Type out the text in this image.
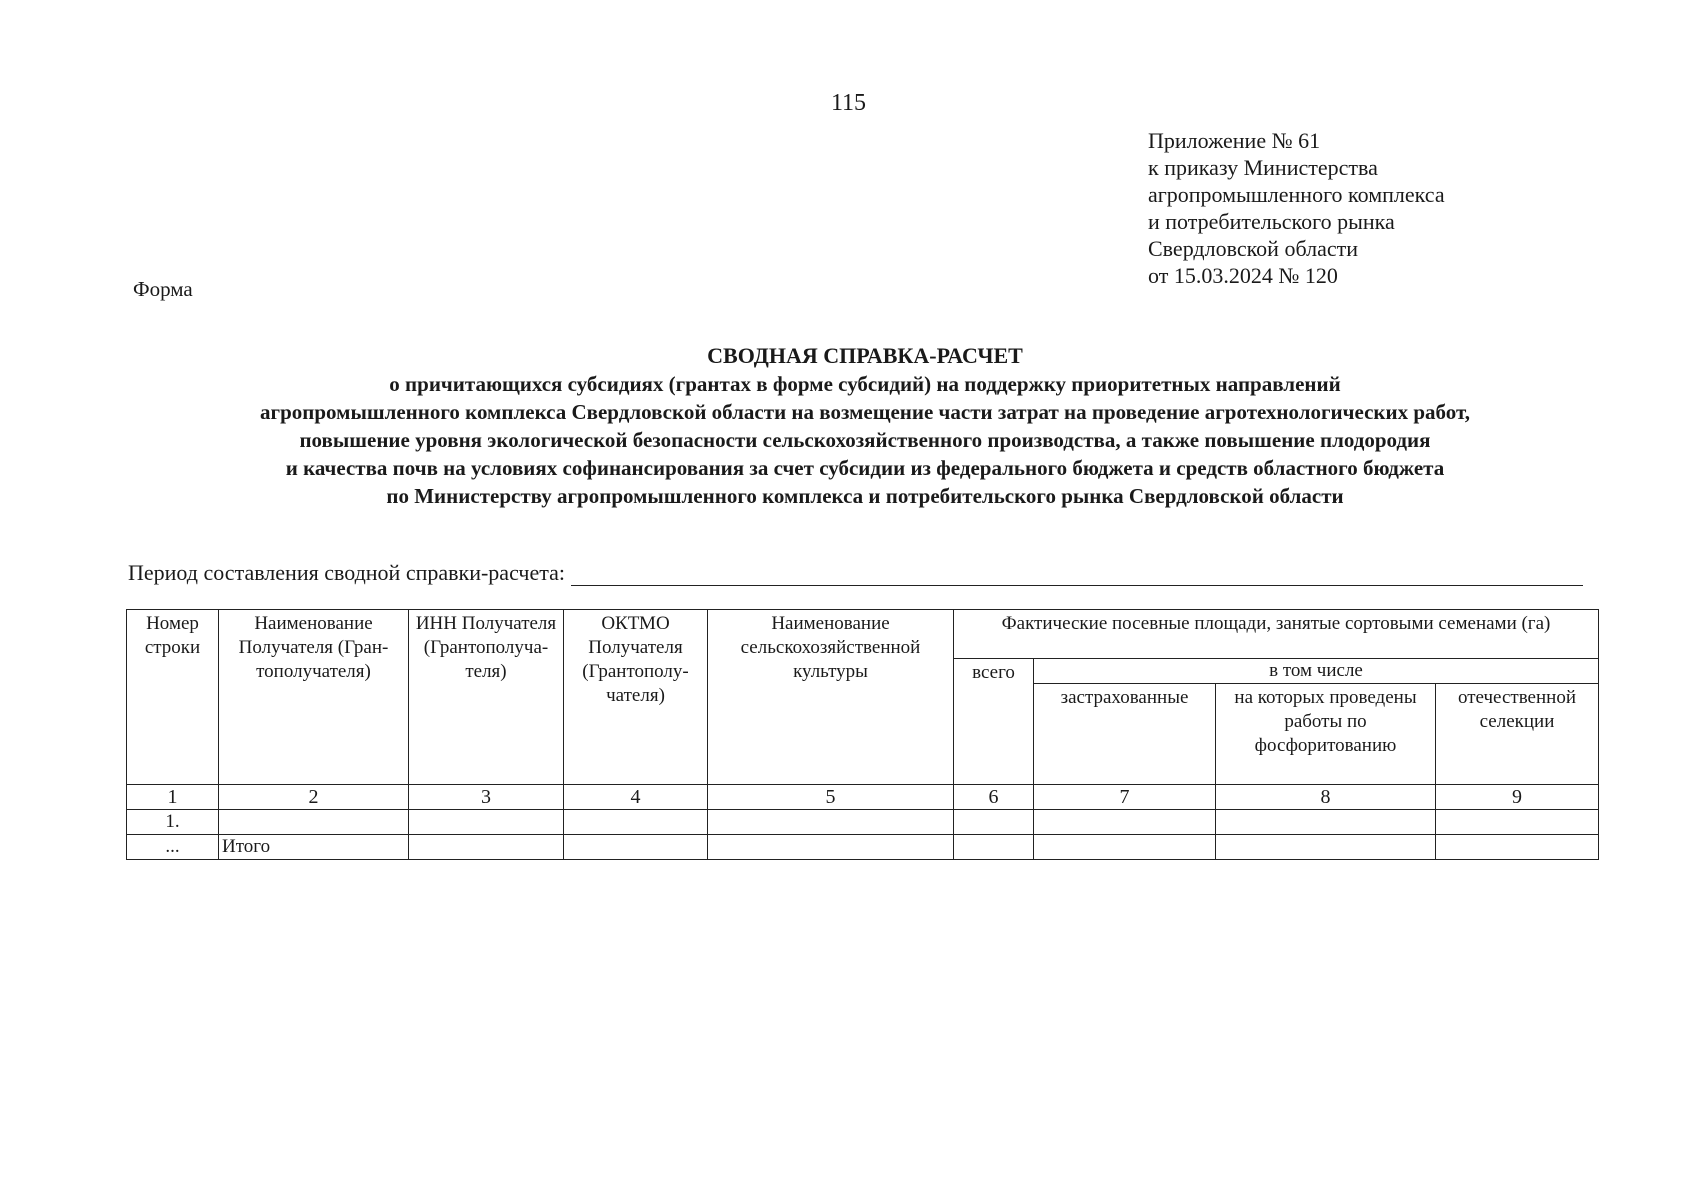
115
Приложение № 61
к приказу Министерства
агропромышленного комплекса
и потребительского рынка
Свердловской области
от 15.03.2024 № 120
Форма
СВОДНАЯ СПРАВКА-РАСЧЕТ
о причитающихся субсидиях (грантах в форме субсидий) на поддержку приоритетных направлений
агропромышленного комплекса Свердловской области на возмещение части затрат на проведение агротехнологических работ,
повышение уровня экологической безопасности сельскохозяйственного производства, а также повышение плодородия
и качества почв на условиях софинансирования за счет субсидии из федерального бюджета и средств областного бюджета
по Министерству агропромышленного комплекса и потребительского рынка Свердловской области
Период составления сводной справки-расчета:
Номер строки	Наименование Получателя (Гран-тополучателя)	ИНН Получателя (Грантополуча-теля)	ОКТМО Получателя (Грантополу-чателя)	Наименование сельскохозяйственной культуры	Фактические посевные площади, занятые сортовыми семенами (га)			
					всего	в том числе		
						застрахованные	на которых проведены работы по фосфоритованию	отечественной селекции
1	2	3	4	5	6	7	8	9
1.								
...	Итого							
